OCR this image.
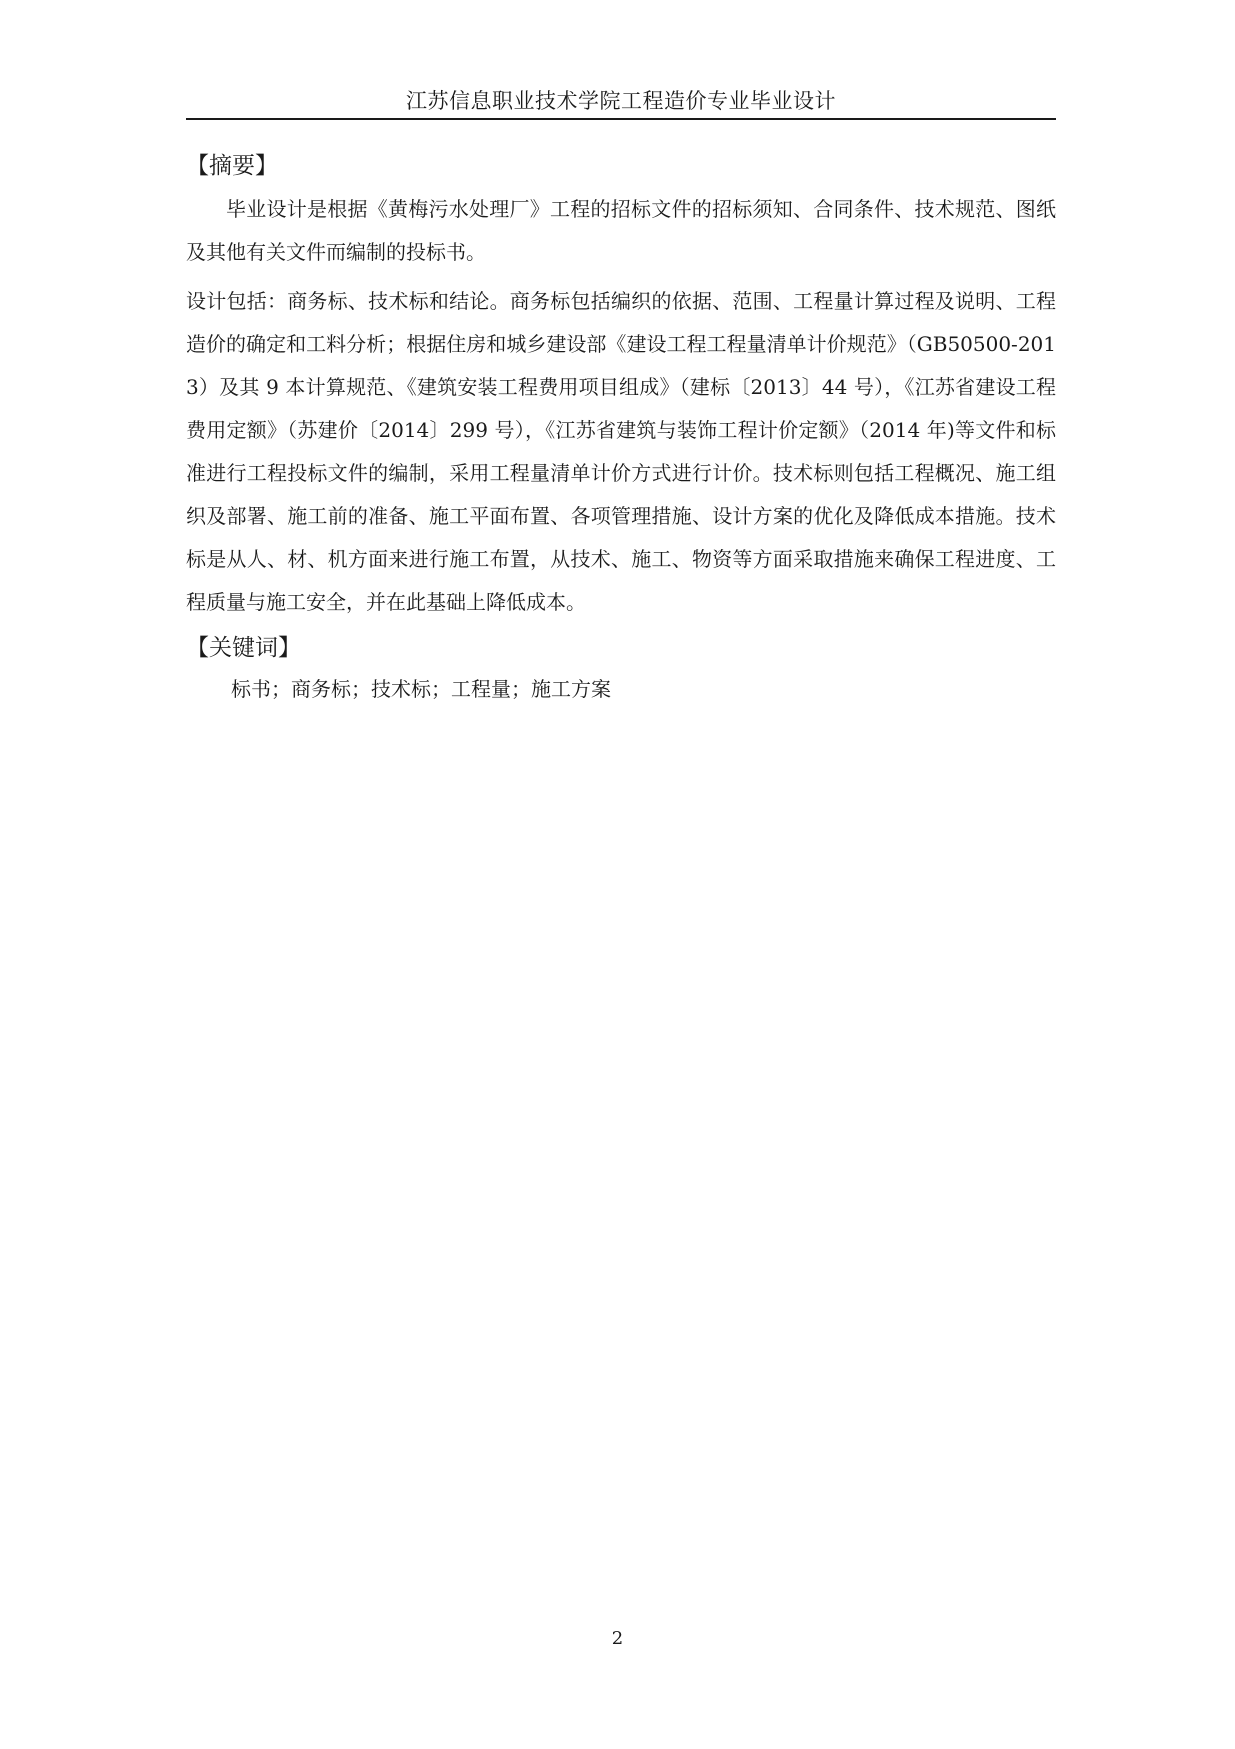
江苏信息职业技术学院工程造价专业毕业设计
【摘要】

毕业设计是根据《黄梅污水处理厂》工程的招标文件的招标须知、合同条件、技术规范、图纸及其他有关文件而编制的投标书。

设计包括：商务标、技术标和结论。商务标包括编织的依据、范围、工程量计算过程及说明、工程造价的确定和工料分析；根据住房和城乡建设部《建设工程工程量清单计价规范》（GB50500-2013）及其 9 本计算规范、《建筑安装工程费用项目组成》（建标〔2013〕44 号），《江苏省建设工程费用定额》（苏建价〔2014〕299 号），《江苏省建筑与装饰工程计价定额》（2014 年)等文件和标准进行工程投标文件的编制，采用工程量清单计价方式进行计价。技术标则包括工程概况、施工组织及部署、施工前的准备、施工平面布置、各项管理措施、设计方案的优化及降低成本措施。技术标是从人、材、机方面来进行施工布置，从技术、施工、物资等方面采取措施来确保工程进度、工程质量与施工安全，并在此基础上降低成本。

【关键词】

标书；商务标；技术标；工程量；施工方案

2
